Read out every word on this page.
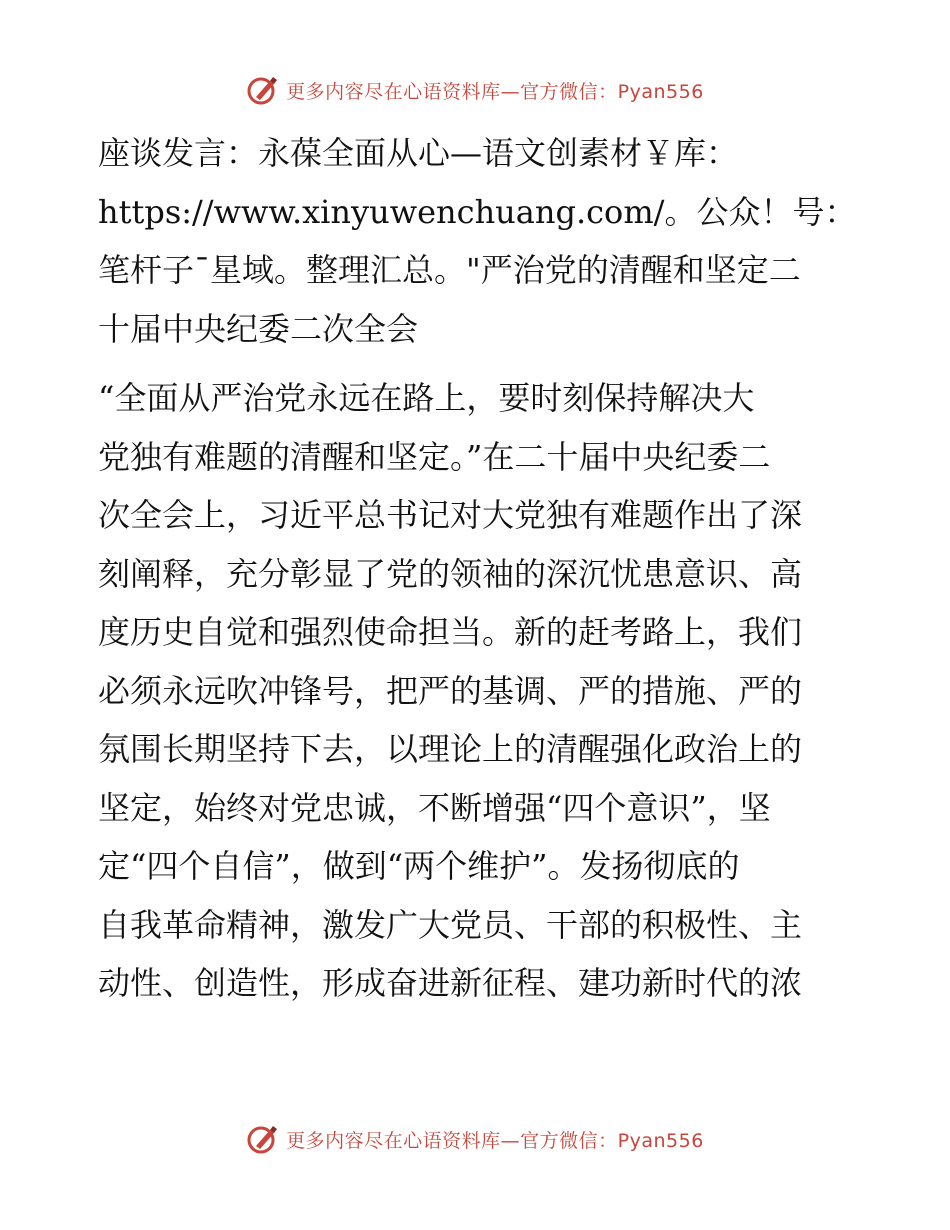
更多内容尽在心语资料库—官方微信：Pyan556
座谈发言：永葆全面从心—语文创素材￥库：
https://www.xinyuwenchuang.com/。公众！号：
笔杆子¯星域。整理汇总。"严治党的清醒和坚定二
十届中央纪委二次全会
“全面从严治党永远在路上，要时刻保持解决大
党独有难题的清醒和坚定。”在二十届中央纪委二
次全会上，习近平总书记对大党独有难题作出了深
刻阐释，充分彰显了党的领袖的深沉忧患意识、高
度历史自觉和强烈使命担当。新的赶考路上，我们
必须永远吹冲锋号，把严的基调、严的措施、严的
氛围长期坚持下去，以理论上的清醒强化政治上的
坚定，始终对党忠诚，不断增强“四个意识”，坚
定“四个自信”，做到“两个维护”。发扬彻底的
自我革命精神，激发广大党员、干部的积极性、主
动性、创造性，形成奋进新征程、建功新时代的浓
更多内容尽在心语资料库—官方微信：Pyan556
